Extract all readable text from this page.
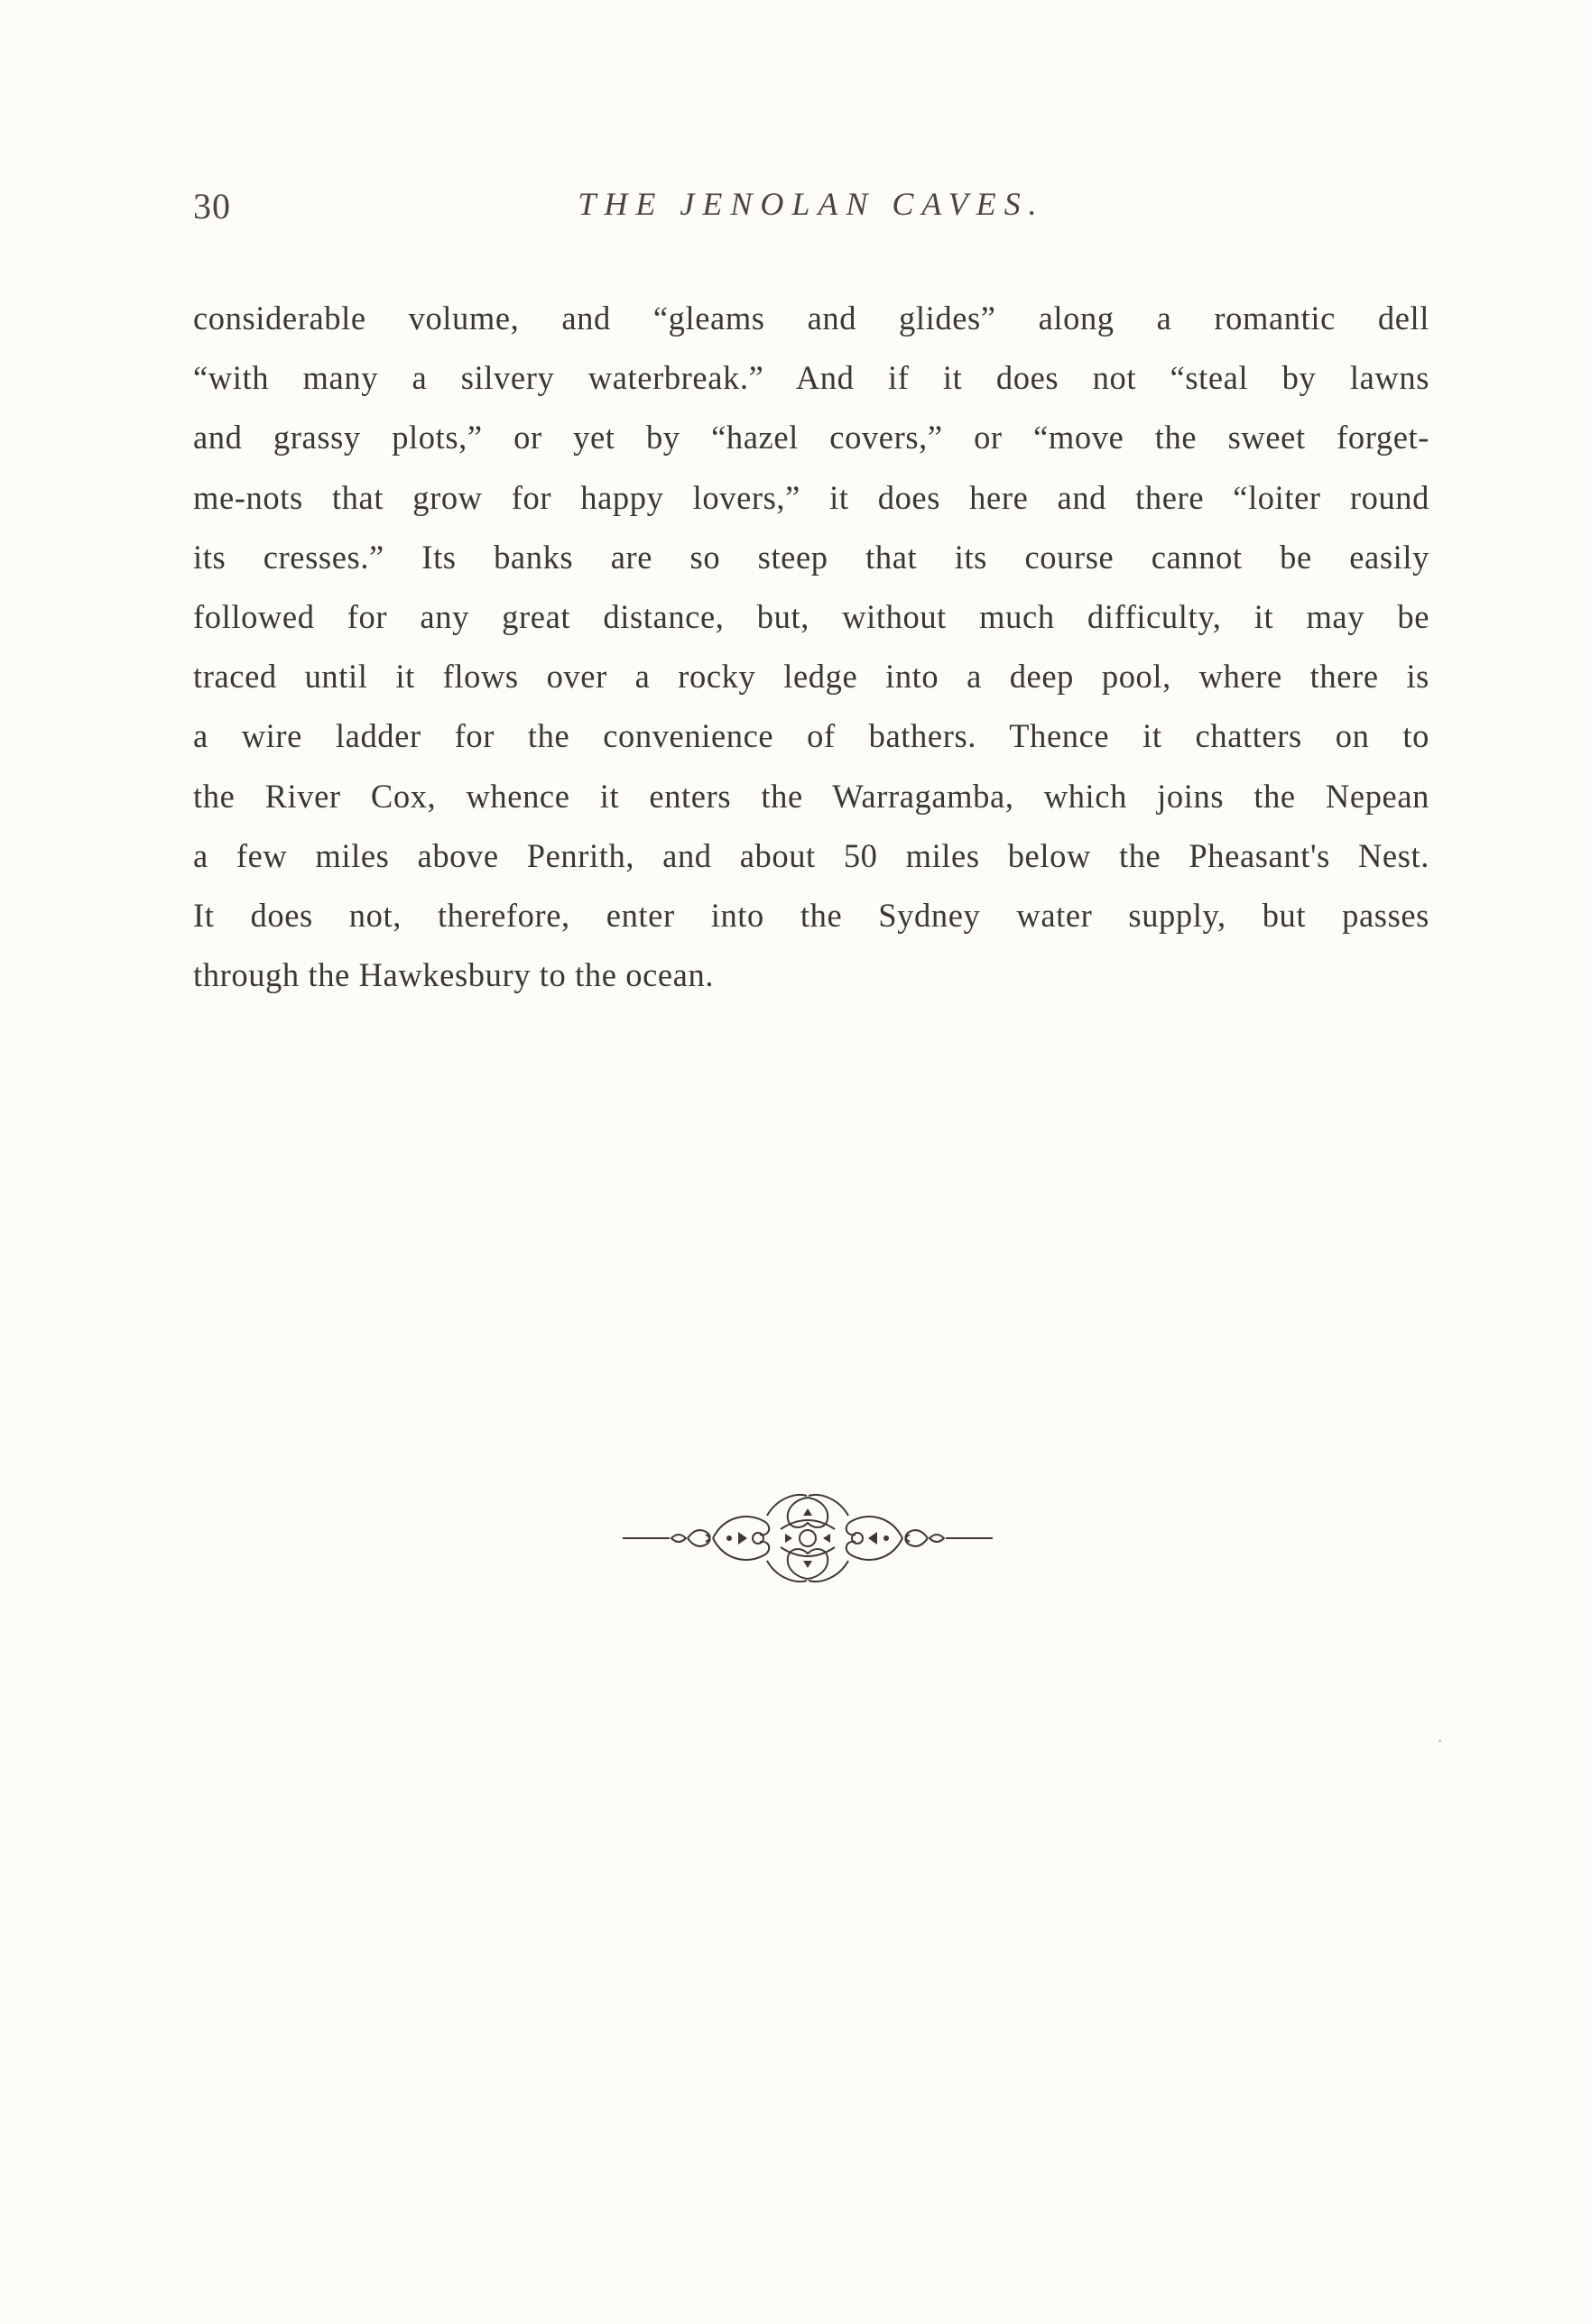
30	THE JENOLAN CAVES.
considerable volume, and “gleams and glides” along a romantic dell
“with many a silvery waterbreak.” And if it does not “steal by lawns
and grassy plots,” or yet by “hazel covers,” or “move the sweet forget-
me-nots that grow for happy lovers,” it does here and there “loiter round
its cresses.” Its banks are so steep that its course cannot be easily
followed for any great distance, but, without much difficulty, it may be
traced until it flows over a rocky ledge into a deep pool, where there is
a wire ladder for the convenience of bathers. Thence it chatters on to
the River Cox, whence it enters the Warragamba, which joins the Nepean
a few miles above Penrith, and about 50 miles below the Pheasant's Nest.
It does not, therefore, enter into the Sydney water supply, but passes
through the Hawkesbury to the ocean.
